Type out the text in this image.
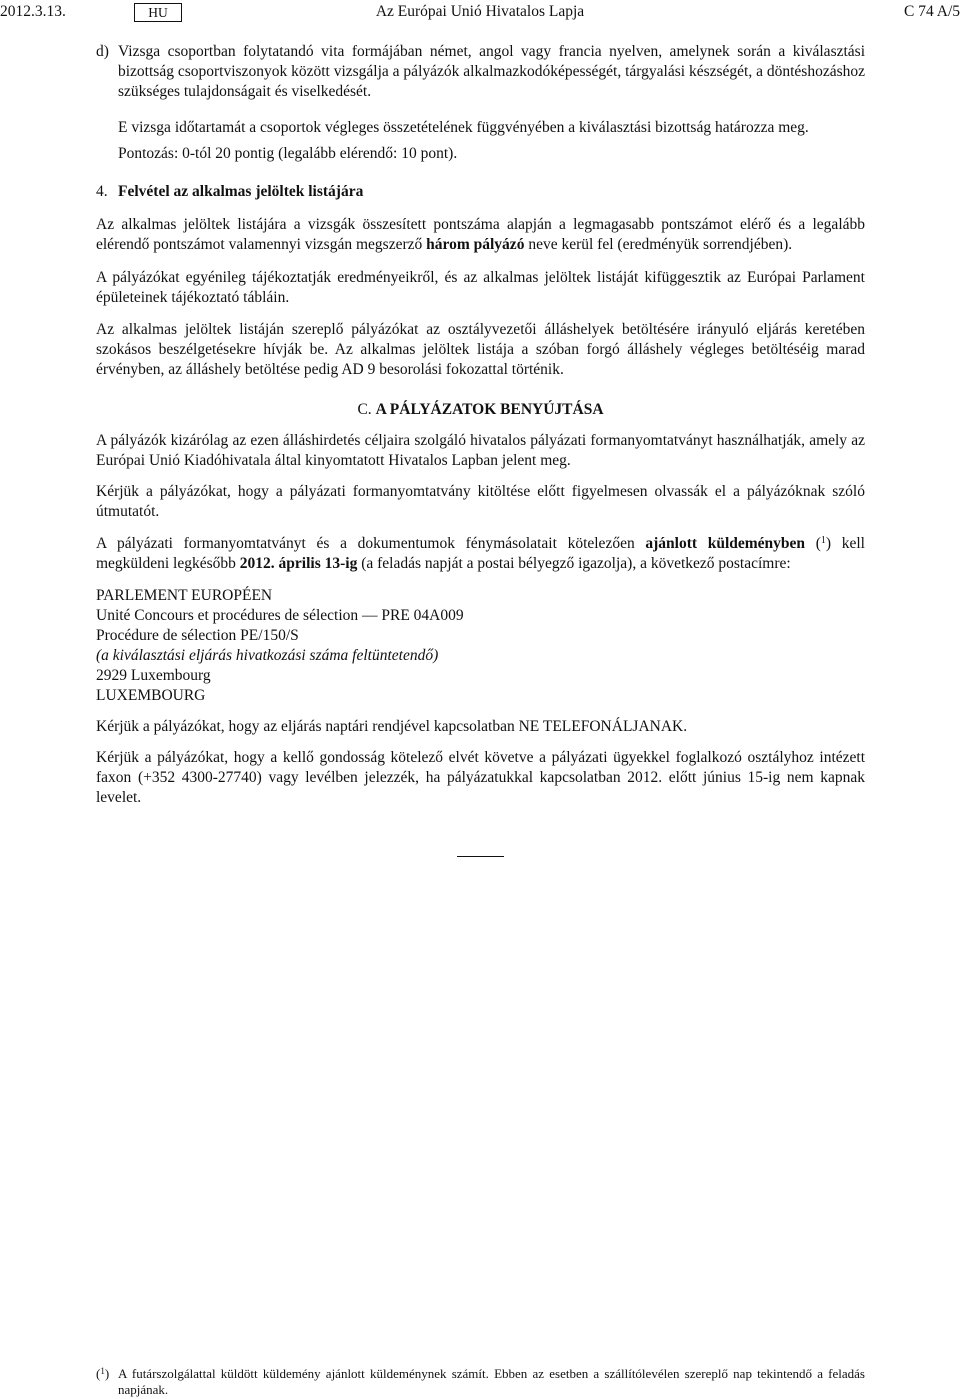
2012.3.13.	HU	Az Európai Unió Hivatalos Lapja	C 74 A/5
d) Vizsga csoportban folytatandó vita formájában német, angol vagy francia nyelven, amelynek során a kiválasztási bizottság csoportviszonyok között vizsgálja a pályázók alkalmazkodóképességét, tárgyalási készségét, a döntéshozáshoz szükséges tulajdonságait és viselkedését.

E vizsga időtartamát a csoportok végleges összetételének függvényében a kiválasztási bizottság határozza meg.

Pontozás: 0-tól 20 pontig (legalább elérendő: 10 pont).

4. Felvétel az alkalmas jelöltek listájára

Az alkalmas jelöltek listájára a vizsgák összesített pontszáma alapján a legmagasabb pontszámot elérő és a legalább elérendő pontszámot valamennyi vizsgán megszerző három pályázó neve kerül fel (eredményük sorrendjében).

A pályázókat egyénileg tájékoztatják eredményeikről, és az alkalmas jelöltek listáját kifüggesztik az Európai Parlament épületeinek tájékoztató tábláin.

Az alkalmas jelöltek listáján szereplő pályázókat az osztályvezetői álláshelyek betöltésére irányuló eljárás keretében szokásos beszélgetésekre hívják be. Az alkalmas jelöltek listája a szóban forgó álláshely végleges betöltéséig marad érvényben, az álláshely betöltése pedig AD 9 besorolási fokozattal történik.

C. A PÁLYÁZATOK BENYÚJTÁSA

A pályázók kizárólag az ezen álláshirdetés céljaira szolgáló hivatalos pályázati formanyomtatványt használhatják, amely az Európai Unió Kiadóhivatala által kinyomtatott Hivatalos Lapban jelent meg.

Kérjük a pályázókat, hogy a pályázati formanyomtatvány kitöltése előtt figyelmesen olvassák el a pályázóknak szóló útmutatót.

A pályázati formanyomtatványt és a dokumentumok fénymásolatait kötelezően ajánlott küldeményben ($^1$) kell megküldeni legkésőbb 2012. április 13-ig (a feladás napját a postai bélyegző igazolja), a következő postacímre:

PARLEMENT EUROPÉEN
Unité Concours et procédures de sélection — PRE 04A009
Procédure de sélection PE/150/S
(a kiválasztási eljárás hivatkozási száma feltüntetendő)
2929 Luxembourg
LUXEMBOURG

Kérjük a pályázókat, hogy az eljárás naptári rendjével kapcsolatban NE TELEFONÁLJANAK.

Kérjük a pályázókat, hogy a kellő gondosság kötelező elvét követve a pályázati ügyekkel foglalkozó osztályhoz intézett faxon (+352 4300-27740) vagy levélben jelezzék, ha pályázatukkal kapcsolatban 2012. előtt június 15-ig nem kapnak levelet.

($^1$) A futárszolgálattal küldött küldemény ajánlott küldeménynek számít. Ebben az esetben a szállítólevélen szereplő nap tekintendő a feladás napjának.
